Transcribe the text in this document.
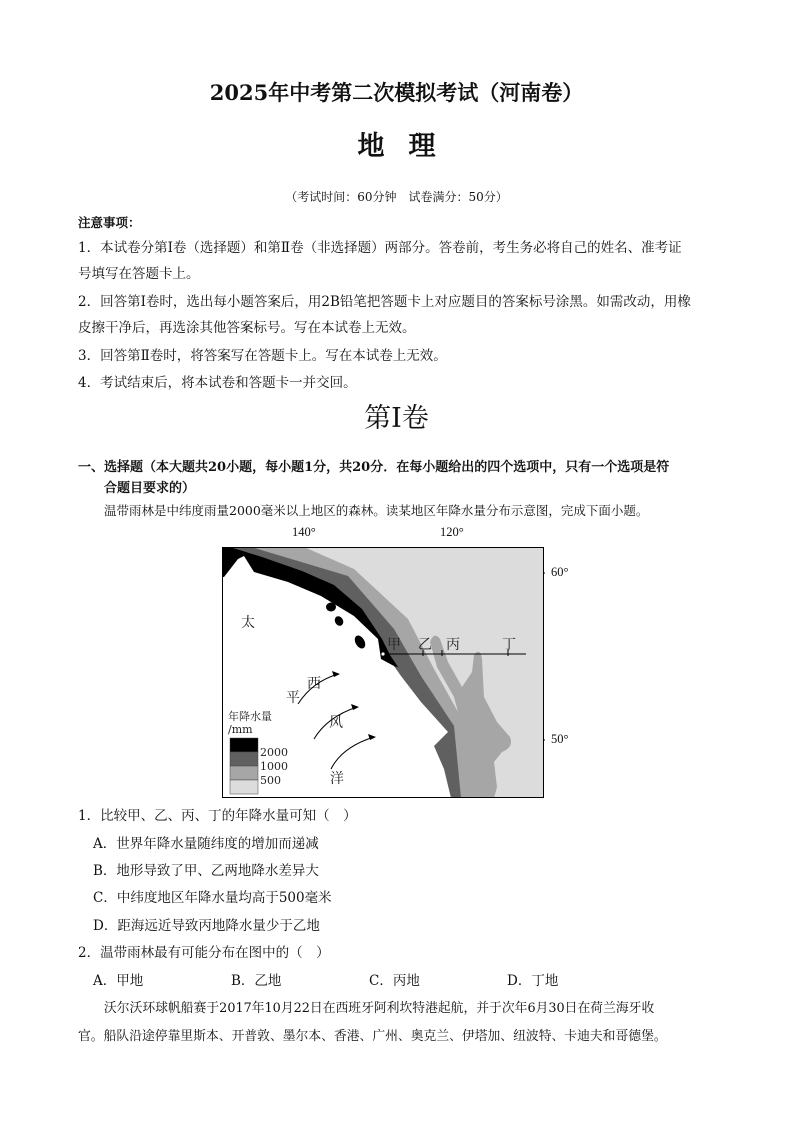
2025年中考第二次模拟考试（河南卷）
地理
（考试时间：60分钟　试卷满分：50分）
注意事项：
1．本试卷分第Ⅰ卷（选择题）和第Ⅱ卷（非选择题）两部分。答卷前，考生务必将自己的姓名、准考证
号填写在答题卡上。
2．回答第Ⅰ卷时，选出每小题答案后，用2B铅笔把答题卡上对应题目的答案标号涂黑。如需改动，用橡
皮擦干净后，再选涂其他答案标号。写在本试卷上无效。
3．回答第Ⅱ卷时，将答案写在答题卡上。写在本试卷上无效。
4．考试结束后，将本试卷和答题卡一并交回。
第Ⅰ卷
一、选择题（本大题共20小题，每小题1分，共20分．在每小题给出的四个选项中，只有一个选项是符
合题目要求的）
温带雨林是中纬度雨量2000毫米以上地区的森林。读某地区年降水量分布示意图，完成下面小题。
140°	120°
60°
50°
甲 乙 丙	丁
太
平
洋
西
风
年降水量
/mm
2000
1000
500
1．比较甲、乙、丙、丁的年降水量可知（　）
A．世界年降水量随纬度的增加而递减
B．地形导致了甲、乙两地降水差异大
C．中纬度地区年降水量均高于500毫米
D．距海远近导致丙地降水量少于乙地
2．温带雨林最有可能分布在图中的（　）
A．甲地	B．乙地	C．丙地	D．丁地
沃尔沃环球帆船赛于2017年10月22日在西班牙阿利坎特港起航，并于次年6月30日在荷兰海牙收
官。船队沿途停靠里斯本、开普敦、墨尔本、香港、广州、奥克兰、伊塔加、纽波特、卡迪夫和哥德堡。
